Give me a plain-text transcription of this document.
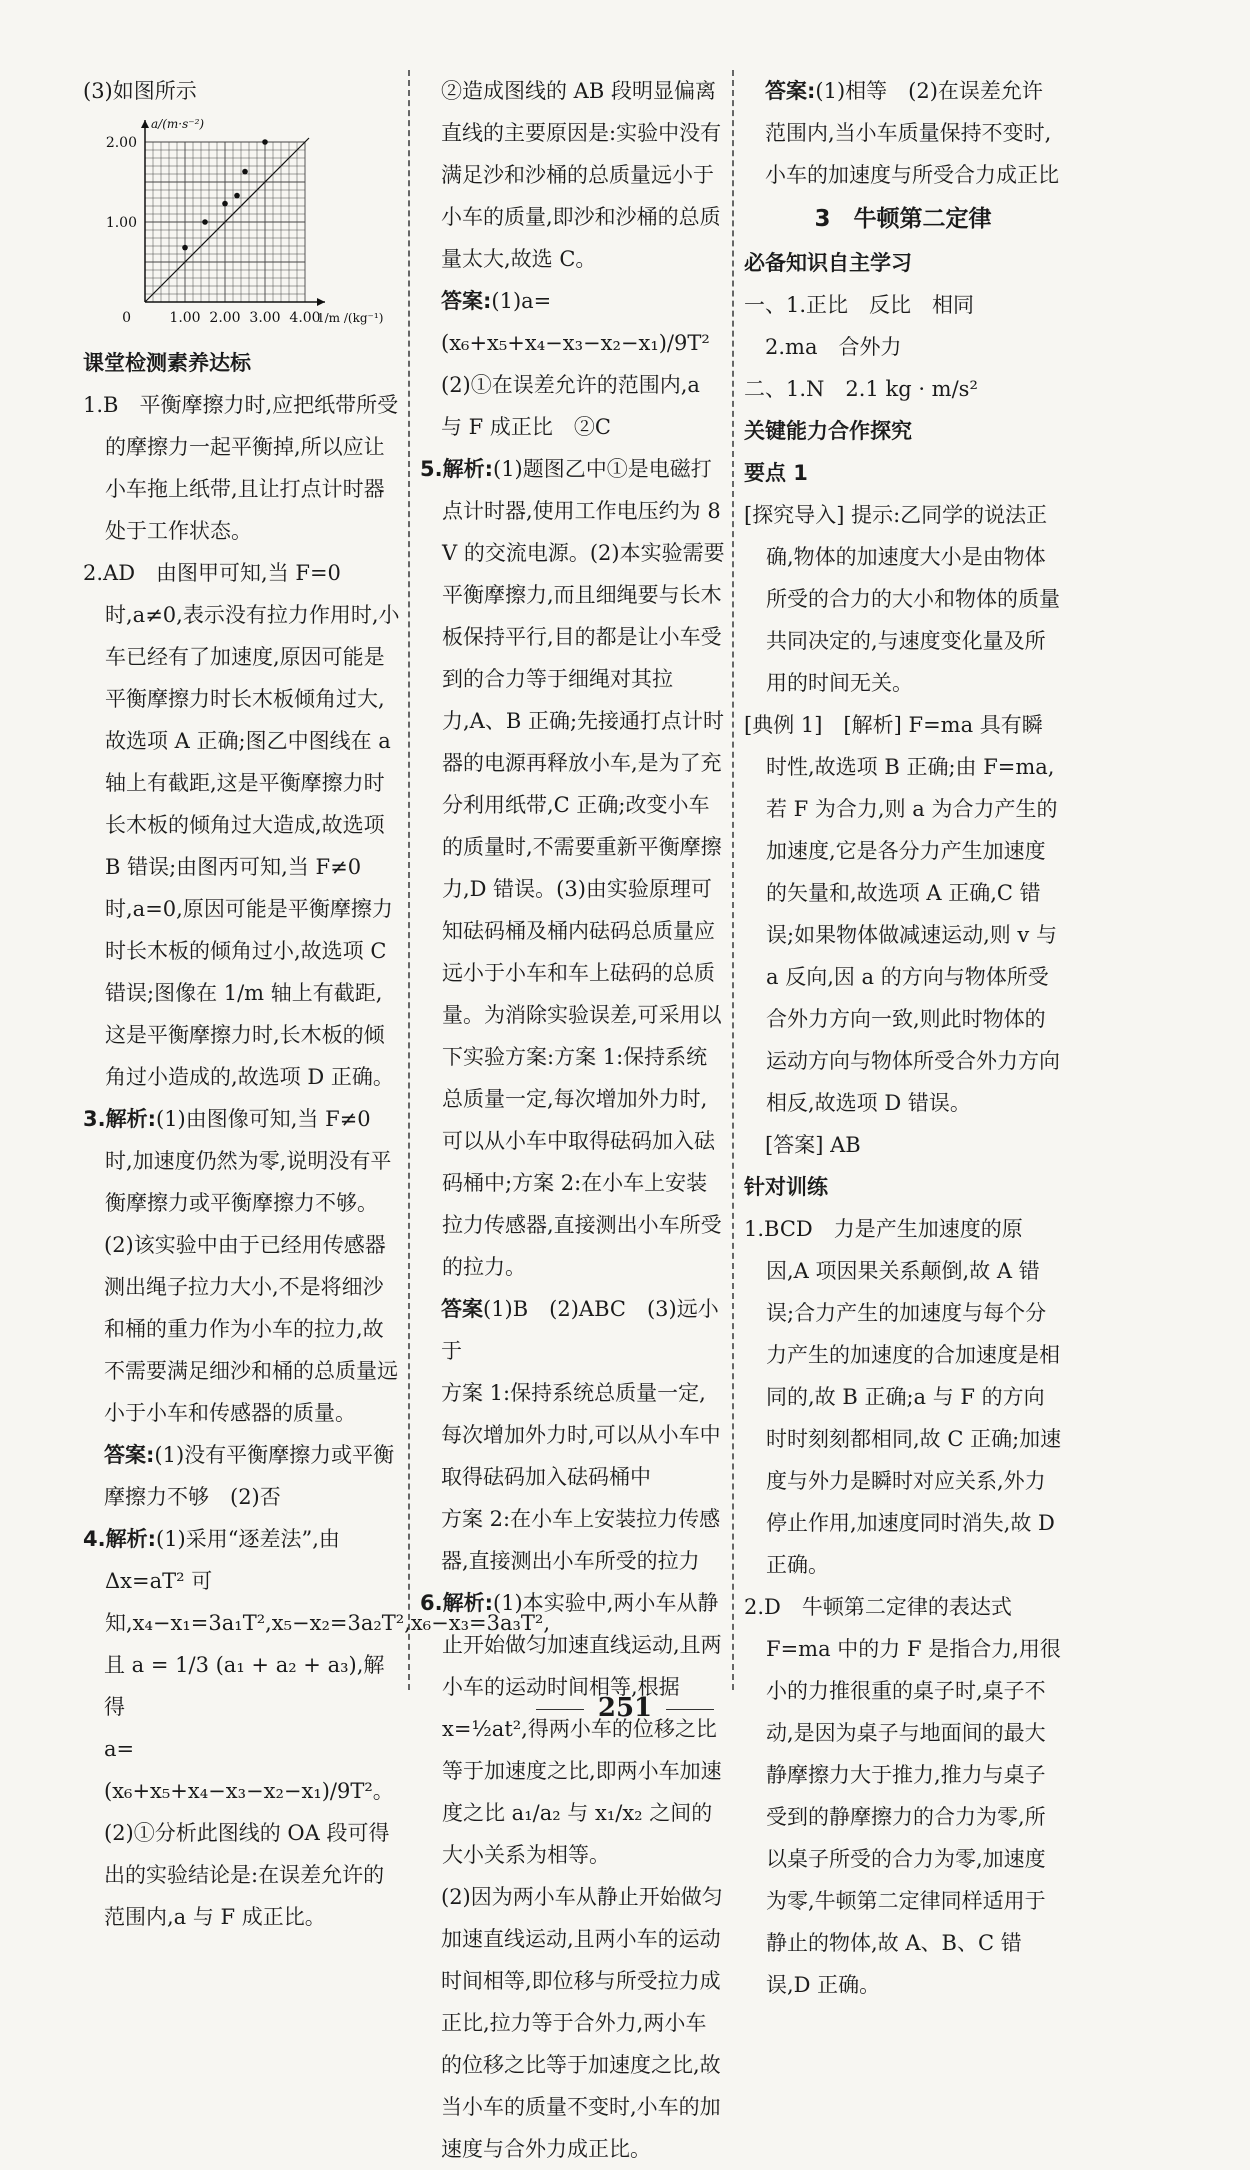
(3)如图所示

1.00 2.00 3.00 4.00
1.00
2.00
0
a/(m·s⁻²)
1/m /(kg⁻¹)

课堂检测素养达标

1.B　平衡摩擦力时,应把纸带所受的摩擦力一起平衡掉,所以应让小车拖上纸带,且让打点计时器处于工作状态。

2.AD　由图甲可知,当 F=0 时,a≠0,表示没有拉力作用时,小车已经有了加速度,原因可能是平衡摩擦力时长木板倾角过大,故选项 A 正确;图乙中图线在 a 轴上有截距,这是平衡摩擦力时长木板的倾角过大造成,故选项 B 错误;由图丙可知,当 F≠0 时,a=0,原因可能是平衡摩擦力时长木板的倾角过小,故选项 C 错误;图像在 1/m 轴上有截距,这是平衡摩擦力时,长木板的倾角过小造成的,故选项 D 正确。

3.解析:(1)由图像可知,当 F≠0 时,加速度仍然为零,说明没有平衡摩擦力或平衡摩擦力不够。

(2)该实验中由于已经用传感器测出绳子拉力大小,不是将细沙和桶的重力作为小车的拉力,故不需要满足细沙和桶的总质量远小于小车和传感器的质量。

答案:(1)没有平衡摩擦力或平衡摩擦力不够　(2)否

4.解析:(1)采用“逐差法”,由 Δx=aT² 可知,x₄−x₁=3a₁T²,x₅−x₂=3a₂T²,x₆−x₃=3a₃T²,

且 a = 1/3 (a₁ + a₂ + a₃),解得

a=(x₆+x₅+x₄−x₃−x₂−x₁)/9T²。

(2)①分析此图线的 OA 段可得出的实验结论是:在误差允许的范围内,a 与 F 成正比。

②造成图线的 AB 段明显偏离直线的主要原因是:实验中没有满足沙和沙桶的总质量远小于小车的质量,即沙和沙桶的总质量太大,故选 C。

答案:(1)a=(x₆+x₅+x₄−x₃−x₂−x₁)/9T²

(2)①在误差允许的范围内,a 与 F 成正比　②C

5.解析:(1)题图乙中①是电磁打点计时器,使用工作电压约为 8 V 的交流电源。(2)本实验需要平衡摩擦力,而且细绳要与长木板保持平行,目的都是让小车受到的合力等于细绳对其拉力,A、B 正确;先接通打点计时器的电源再释放小车,是为了充分利用纸带,C 正确;改变小车的质量时,不需要重新平衡摩擦力,D 错误。(3)由实验原理可知砝码桶及桶内砝码总质量应远小于小车和车上砝码的总质量。为消除实验误差,可采用以下实验方案:方案 1:保持系统总质量一定,每次增加外力时,可以从小车中取得砝码加入砝码桶中;方案 2:在小车上安装拉力传感器,直接测出小车所受的拉力。

答案(1)B　(2)ABC　(3)远小于

方案 1:保持系统总质量一定,每次增加外力时,可以从小车中取得砝码加入砝码桶中

方案 2:在小车上安装拉力传感器,直接测出小车所受的拉力

6.解析:(1)本实验中,两小车从静止开始做匀加速直线运动,且两小车的运动时间相等,根据 x=½at²,得两小车的位移之比等于加速度之比,即两小车加速度之比 a₁/a₂ 与 x₁/x₂ 之间的大小关系为相等。

(2)因为两小车从静止开始做匀加速直线运动,且两小车的运动时间相等,即位移与所受拉力成正比,拉力等于合外力,两小车的位移之比等于加速度之比,故当小车的质量不变时,小车的加速度与合外力成正比。

答案:(1)相等　(2)在误差允许范围内,当小车质量保持不变时,小车的加速度与所受合力成正比

3　牛顿第二定律

必备知识自主学习

一、1.正比　反比　相同

2.ma　合外力

二、1.N　2.1 kg · m/s²

关键能力合作探究

要点 1

[探究导入] 提示:乙同学的说法正确,物体的加速度大小是由物体所受的合力的大小和物体的质量共同决定的,与速度变化量及所用的时间无关。

[典例 1]　[解析] F=ma 具有瞬时性,故选项 B 正确;由 F=ma,若 F 为合力,则 a 为合力产生的加速度,它是各分力产生加速度的矢量和,故选项 A 正确,C 错误;如果物体做减速运动,则 v 与 a 反向,因 a 的方向与物体所受合外力方向一致,则此时物体的运动方向与物体所受合外力方向相反,故选项 D 错误。

[答案] AB

针对训练

1.BCD　力是产生加速度的原因,A 项因果关系颠倒,故 A 错误;合力产生的加速度与每个分力产生的加速度的合加速度是相同的,故 B 正确;a 与 F 的方向时时刻刻都相同,故 C 正确;加速度与外力是瞬时对应关系,外力停止作用,加速度同时消失,故 D 正确。

2.D　牛顿第二定律的表达式 F=ma 中的力 F 是指合力,用很小的力推很重的桌子时,桌子不动,是因为桌子与地面间的最大静摩擦力大于推力,推力与桌子受到的静摩擦力的合力为零,所以桌子所受的合力为零,加速度为零,牛顿第二定律同样适用于静止的物体,故 A、B、C 错误,D 正确。

251
